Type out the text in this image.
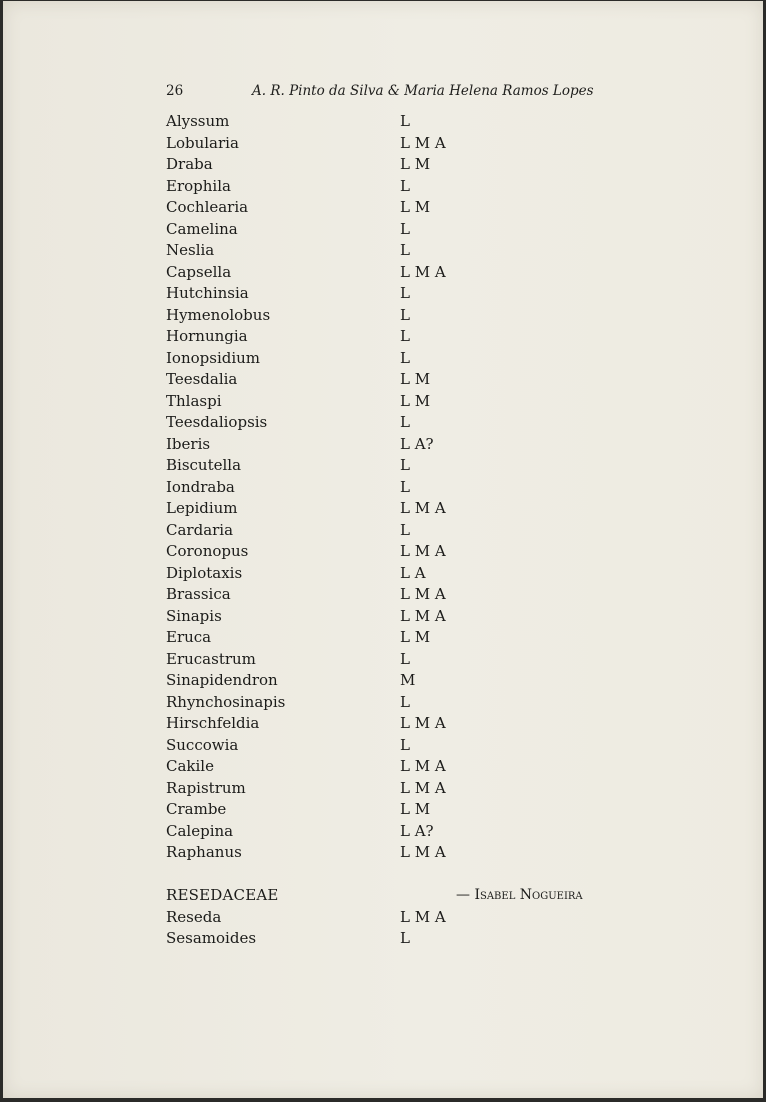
26	A. R. Pinto da Silva & Maria Helena Ramos Lopes
Alyssum	L
Lobularia	L M A
Draba	L M
Erophila	L
Cochlearia	L M
Camelina	L
Neslia	L
Capsella	L M A
Hutchinsia	L
Hymenolobus	L
Hornungia	L
Ionopsidium	L
Teesdalia	L M
Thlaspi	L M
Teesdaliopsis	L
Iberis	L A?
Biscutella	L
Iondraba	L
Lepidium	L M A
Cardaria	L
Coronopus	L M A
Diplotaxis	L A
Brassica	L M A
Sinapis	L M A
Eruca	L M
Erucastrum	L
Sinapidendron	M
Rhynchosinapis	L
Hirschfeldia	L M A
Succowia	L
Cakile	L M A
Rapistrum	L M A
Crambe	L M
Calepina	L A?
Raphanus	L M A
RESEDACEAE	— Isabel Nogueira
Reseda	L M A
Sesamoides	L
